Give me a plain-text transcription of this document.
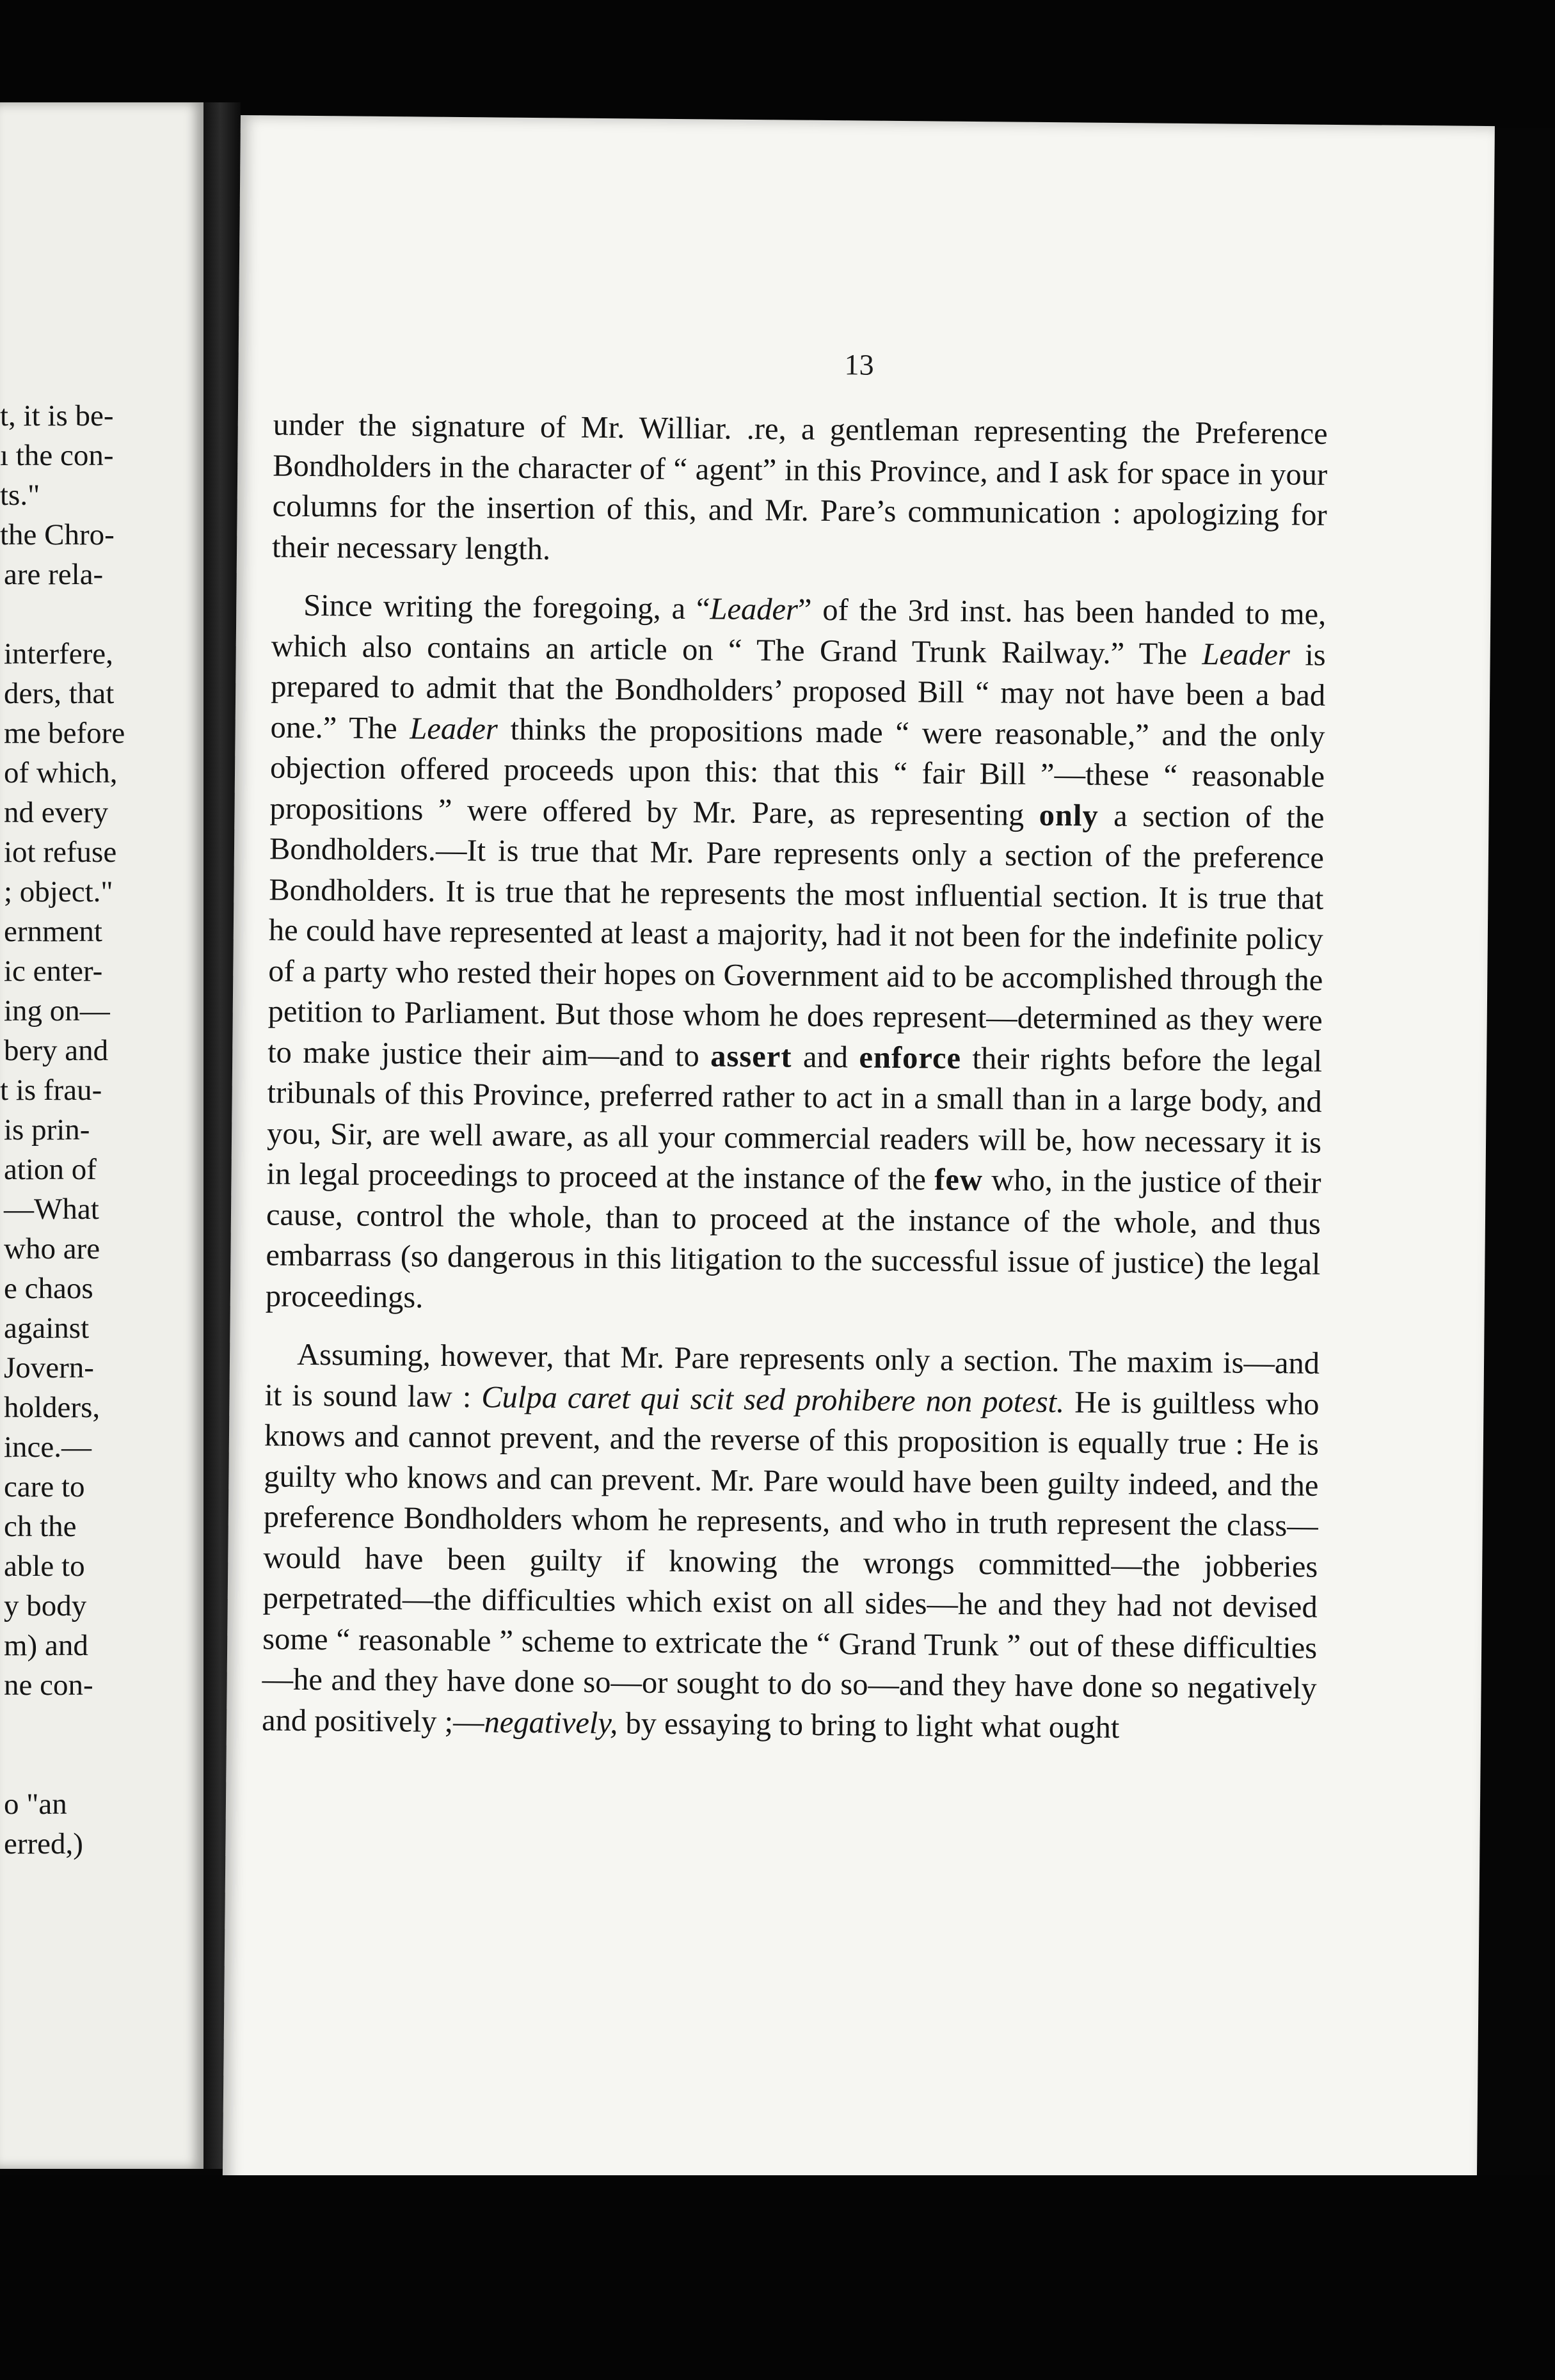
t, it is be-
ı the con-
ts."
the Chro-
are rela-
interfere,
ders, that
me before
of which,
nd every
iot refuse
; object."
ernment
ic enter-
ing on—
bery and
t is frau-
is prin-
ation of
—What
who are
e chaos
against
Jovern-
holders,
ince.—
care to
ch the
able to
y body
m) and
ne con-
o "an
erred,)
13

under the signature of Mr. Williar. ⁠.re, a gentleman representing the Preference Bondholders in the character of “ agent” in this Province, and I ask for space in your columns for the insertion of this, and Mr. Pare’s communication : apologizing for their necessary length.

Since writing the foregoing, a “Leader” of the 3rd inst. has been handed to me, which also contains an article on “ The Grand Trunk Railway.” The Leader is prepared to admit that the Bondholders’ proposed Bill “ may not have been a bad one.” The Leader thinks the propositions made “ were reasonable,” and the only objection offered proceeds upon this: that this “ fair Bill ”—these “ reasonable propositions ” were offered by Mr. Pare, as representing only a section of the Bondholders.—It is true that Mr. Pare represents only a section of the preference Bondholders. It is true that he represents the most influential section. It is true that he could have represented at least a majority, had it not been for the indefinite policy of a party who rested their hopes on Government aid to be accomplished through the petition to Parliament. But those whom he does represent—determined as they were to make justice their aim—and to assert and enforce their rights before the legal tribunals of this Province, preferred rather to act in a small than in a large body, and you, Sir, are well aware, as all your commercial readers will be, how necessary it is in legal proceedings to proceed at the instance of the few who, in the justice of their cause, control the whole, than to proceed at the instance of the whole, and thus embarrass (so dangerous in this litigation to the successful issue of justice) the legal proceedings.

Assuming, however, that Mr. Pare represents only a section. The maxim is—and it is sound law : Culpa caret qui scit sed prohibere non potest. He is guiltless who knows and cannot prevent, and the reverse of this proposition is equally true : He is guilty who knows and can prevent. Mr. Pare would have been guilty indeed, and the preference Bondholders whom he represents, and who in truth represent the class—would have been guilty if knowing the wrongs committed—the jobberies perpetrated—the difficulties which exist on all sides—he and they had not devised some “ reasonable ” scheme to extricate the “ Grand Trunk ” out of these difficulties—he and they have done so—or sought to do so—and they have done so negatively and positively ;—negatively, by essaying to bring to light what ought
